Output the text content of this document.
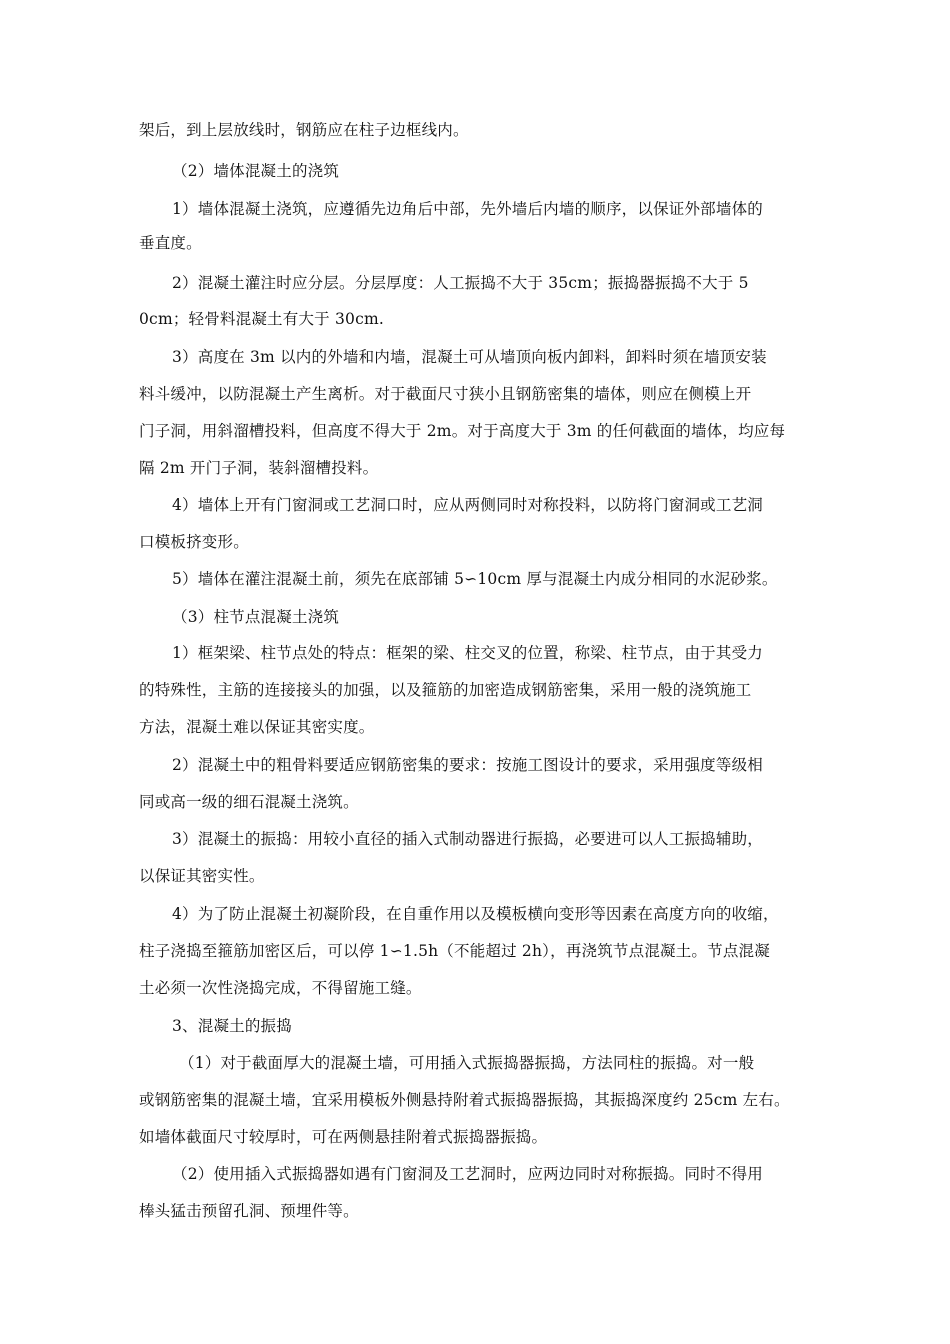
架后，到上层放线时，钢筋应在柱子边框线内。
（2）墙体混凝土的浇筑
1）墙体混凝土浇筑，应遵循先边角后中部，先外墙后内墙的顺序，以保证外部墙体的
垂直度。
2）混凝土灌注时应分层。分层厚度：人工振捣不大于 35cm；振捣器振捣不大于 5
0cm；轻骨料混凝土有大于 30cm.
3）高度在 3m 以内的外墙和内墙，混凝土可从墙顶向板内卸料，卸料时须在墙顶安装
料斗缓冲，以防混凝土产生离析。对于截面尺寸狭小且钢筋密集的墙体，则应在侧模上开
门子洞，用斜溜槽投料，但高度不得大于 2m。对于高度大于 3m 的任何截面的墙体，均应每
隔 2m 开门子洞，装斜溜槽投料。
4）墙体上开有门窗洞或工艺洞口时，应从两侧同时对称投料，以防将门窗洞或工艺洞
口模板挤变形。
5）墙体在灌注混凝土前，须先在底部铺 5∽10cm 厚与混凝土内成分相同的水泥砂浆。
（3）柱节点混凝土浇筑
1）框架梁、柱节点处的特点：框架的梁、柱交叉的位置，称梁、柱节点，由于其受力
的特殊性，主筋的连接接头的加强，以及箍筋的加密造成钢筋密集，采用一般的浇筑施工
方法，混凝土难以保证其密实度。
2）混凝土中的粗骨料要适应钢筋密集的要求：按施工图设计的要求，采用强度等级相
同或高一级的细石混凝土浇筑。
3）混凝土的振捣：用较小直径的插入式制动器进行振捣，必要进可以人工振捣辅助，
以保证其密实性。
4）为了防止混凝土初凝阶段，在自重作用以及模板横向变形等因素在高度方向的收缩，
柱子浇捣至箍筋加密区后，可以停 1∽1.5h（不能超过 2h），再浇筑节点混凝土。节点混凝
土必须一次性浇捣完成，不得留施工缝。
3、混凝土的振捣
（1）对于截面厚大的混凝土墙，可用插入式振捣器振捣，方法同柱的振捣。对一般
或钢筋密集的混凝土墙，宜采用模板外侧悬持附着式振捣器振捣，其振捣深度约 25cm 左右。
如墙体截面尺寸较厚时，可在两侧悬挂附着式振捣器振捣。
（2）使用插入式振捣器如遇有门窗洞及工艺洞时，应两边同时对称振捣。同时不得用
棒头猛击预留孔洞、预埋件等。
